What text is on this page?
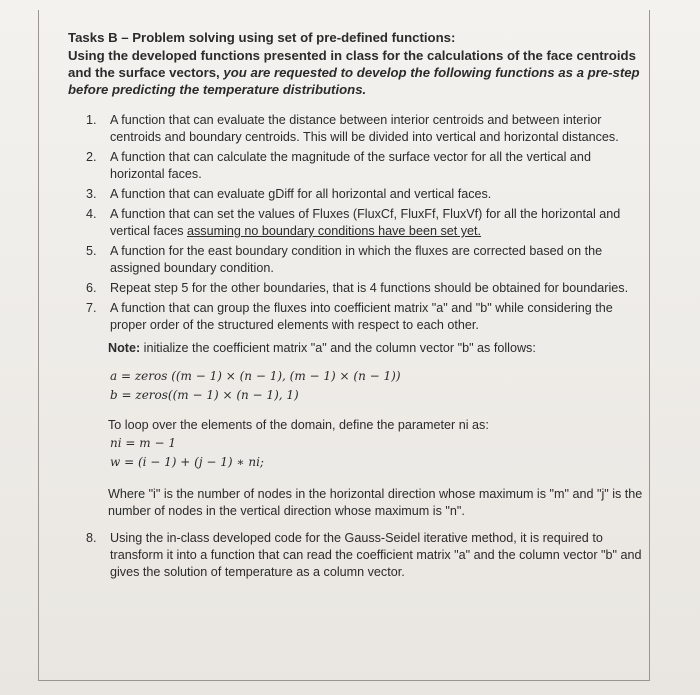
Tasks B – Problem solving using set of pre-defined functions:
Using the developed functions presented in class for the calculations of the face centroids and the surface vectors, you are requested to develop the following functions as a pre-step before predicting the temperature distributions.
1. A function that can evaluate the distance between interior centroids and between interior centroids and boundary centroids. This will be divided into vertical and horizontal distances.
2. A function that can calculate the magnitude of the surface vector for all the vertical and horizontal faces.
3. A function that can evaluate gDiff for all horizontal and vertical faces.
4. A function that can set the values of Fluxes (FluxCf, FluxFf, FluxVf) for all the horizontal and vertical faces assuming no boundary conditions have been set yet.
5. A function for the east boundary condition in which the fluxes are corrected based on the assigned boundary condition.
6. Repeat step 5 for the other boundaries, that is 4 functions should be obtained for boundaries.
7. A function that can group the fluxes into coefficient matrix "a" and "b" while considering the proper order of the structured elements with respect to each other.
Note: initialize the coefficient matrix "a" and the column vector "b" as follows:
a = zeros ((m − 1) × (n − 1), (m − 1) × (n − 1))
b = zeros((m − 1) × (n − 1), 1)
To loop over the elements of the domain, define the parameter ni as:
ni = m − 1
w = (i − 1) + (j − 1) ∗ ni;
Where "i" is the number of nodes in the horizontal direction whose maximum is "m" and "j" is the number of nodes in the vertical direction whose maximum is "n".
8. Using the in-class developed code for the Gauss-Seidel iterative method, it is required to transform it into a function that can read the coefficient matrix "a" and the column vector "b" and gives the solution of temperature as a column vector.
